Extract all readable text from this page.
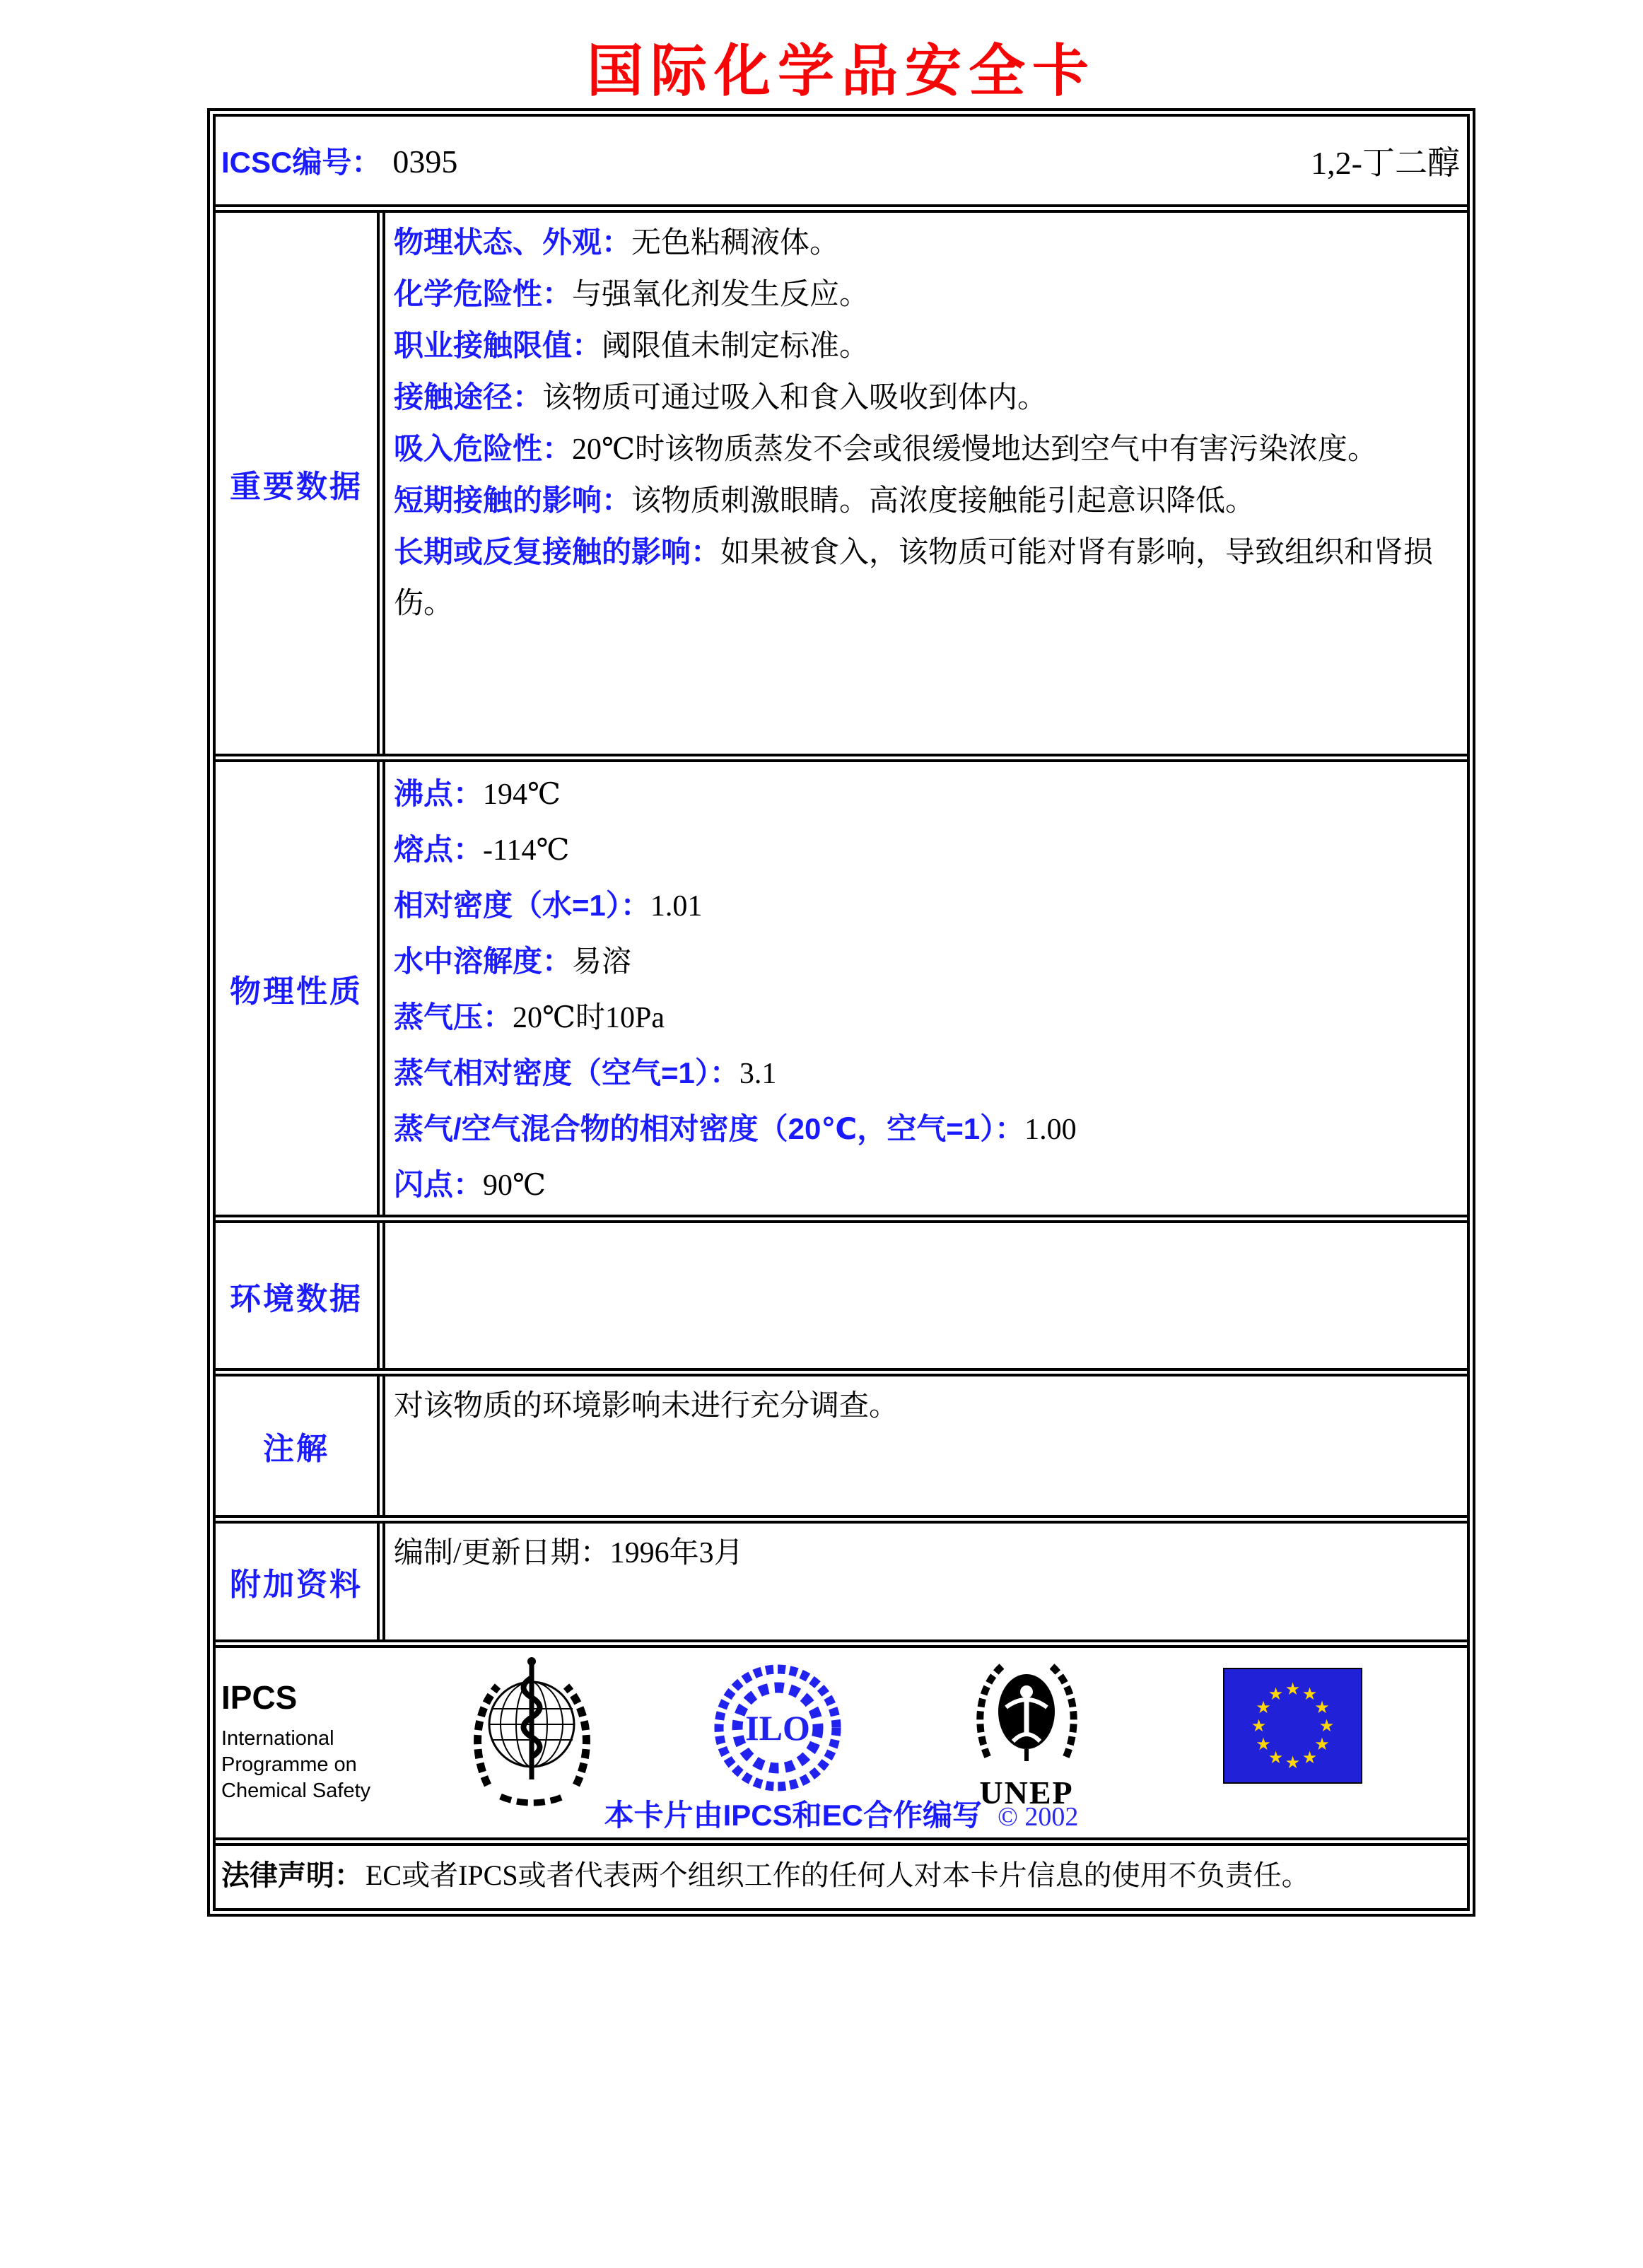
国际化学品安全卡
ICSC编号： 0395	1,2-丁二醇
重要数据

物理状态、外观：无色粘稠液体。

化学危险性：与强氧化剂发生反应。

职业接触限值：阈限值未制定标准。

接触途径：该物质可通过吸入和食入吸收到体内。

吸入危险性：20℃时该物质蒸发不会或很缓慢地达到空气中有害污染浓度。

短期接触的影响：该物质刺激眼睛。高浓度接触能引起意识降低。

长期或反复接触的影响：如果被食入，该物质可能对肾有影响，导致组织和肾损伤。

物理性质

沸点：194℃

熔点：-114℃

相对密度（水=1）：1.01

水中溶解度：易溶

蒸气压：20℃时10Pa

蒸气相对密度（空气=1）：3.1

蒸气/空气混合物的相对密度（20℃，空气=1）：1.00

闪点：90℃

环境数据

注解

对该物质的环境影响未进行充分调查。

附加资料

编制/更新日期：1996年3月

IPCS
International
Programme on
Chemical Safety
ILO
UNEP
★ ★
★
★
★
★
★
★
★
★
★
★
本卡片由IPCS和EC合作编写 © 2002
法律声明： EC或者IPCS或者代表两个组织工作的任何人对本卡片信息的使用不负责任。
